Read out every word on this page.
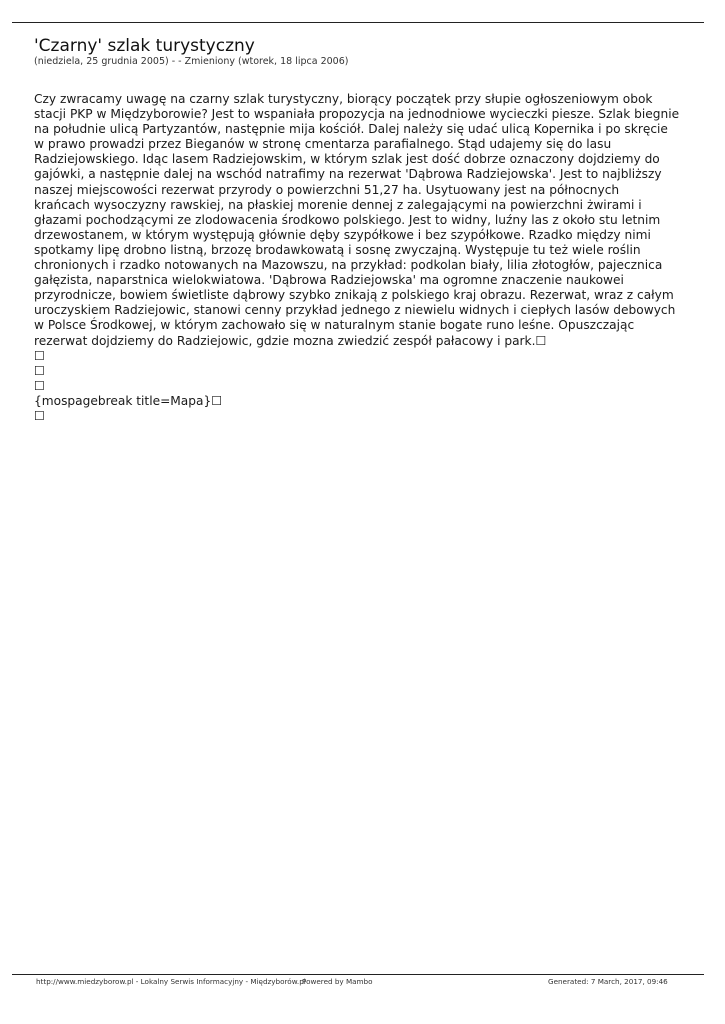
'Czarny' szlak turystyczny
(niedziela, 25 grudnia 2005) - - Zmieniony (wtorek, 18 lipca 2006)
Czy zwracamy uwagę na czarny szlak turystyczny, biorący początek przy słupie ogłoszeniowym obok
stacji PKP w Międzyborowie? Jest to wspaniała propozycja na jednodniowe wycieczki piesze. Szlak biegnie
na południe ulicą Partyzantów, następnie mija kościół. Dalej należy się udać ulicą Kopernika i po skręcie
w prawo prowadzi przez Bieganów w stronę cmentarza parafialnego. Stąd udajemy się do lasu
Radziejowskiego. Idąc lasem Radziejowskim, w którym szlak jest dość dobrze oznaczony dojdziemy do
gajówki, a następnie dalej na wschód natrafimy na rezerwat 'Dąbrowa Radziejowska'. Jest to najbliższy
naszej miejscowości rezerwat przyrody o powierzchni 51,27 ha. Usytuowany jest na północnych
krańcach wysoczyzny rawskiej, na płaskiej morenie dennej z zalegającymi na powierzchni żwirami i
głazami pochodzącymi ze zlodowacenia środkowo polskiego. Jest to widny, luźny las z około stu letnim
drzewostanem, w którym występują głównie dęby szypółkowe i bez szypółkowe. Rzadko między nimi
spotkamy lipę drobno listną, brzozę brodawkowatą i sosnę zwyczajną. Występuje tu też wiele roślin
chronionych i rzadko notowanych na Mazowszu, na przykład: podkolan biały, lilia złotogłów, pajecznica
gałęzista, naparstnica wielokwiatowa. 'Dąbrowa Radziejowska' ma ogromne znaczenie naukowei
przyrodnicze, bowiem świetliste dąbrowy szybko znikają z polskiego kraj obrazu. Rezerwat, wraz z całym
uroczyskiem Radziejowic, stanowi cenny przykład jednego z niewielu widnych i ciepłych lasów debowych
w Polsce Środkowej, w którym zachowało się w naturalnym stanie bogate runo leśne. Opuszczając
rezerwat dojdziemy do Radziejowic, gdzie mozna zwiedzić zespół pałacowy i park.☐
☐
☐
☐
{mospagebreak title=Mapa}☐
☐
http://www.miedzyborow.pl - Lokalny Serwis Informacyjny - Międzyborów.pl
Powered by Mambo	Generated: 7 March, 2017, 09:46
